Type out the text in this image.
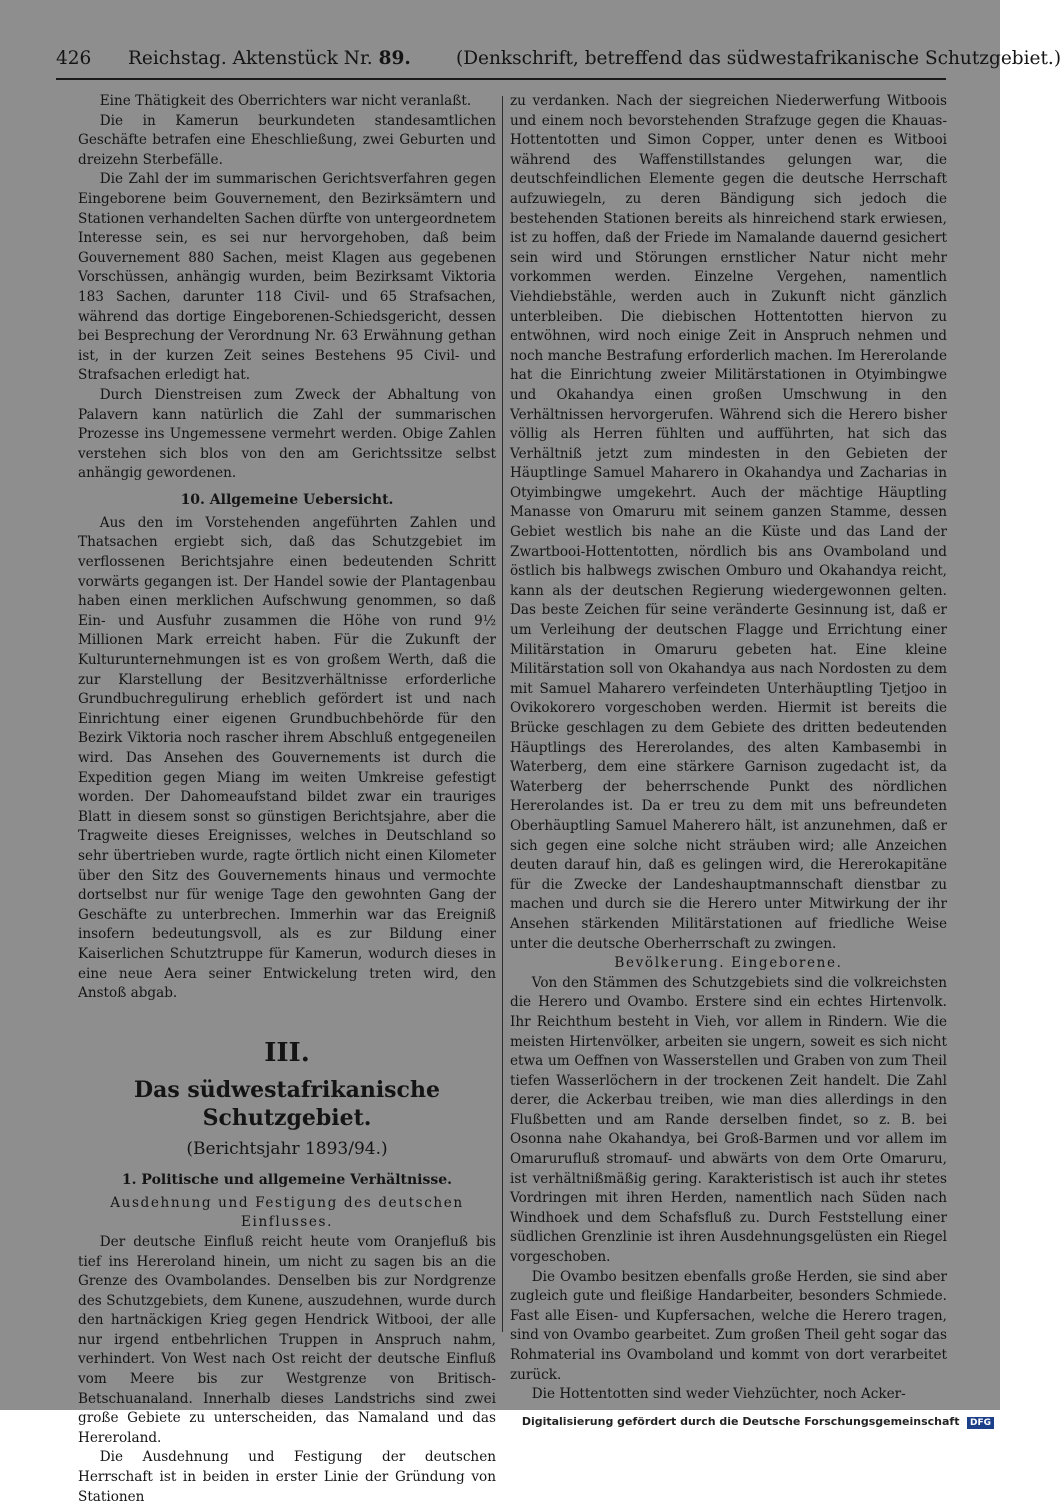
426 Reichstag. Aktenstück Nr. 89. (Denkschrift, betreffend das südwestafrikanische Schutzgebiet.)

Eine Thätigkeit des Oberrichters war nicht veranlaßt.

Die in Kamerun beurkundeten standesamtlichen Geschäfte betrafen eine Eheschließung, zwei Geburten und dreizehn Sterbefälle.

Die Zahl der im summarischen Gerichtsverfahren gegen Eingeborene beim Gouvernement, den Bezirksämtern und Stationen verhandelten Sachen dürfte von untergeordnetem Interesse sein, es sei nur hervorgehoben, daß beim Gouvernement 880 Sachen, meist Klagen aus gegebenen Vorschüssen, anhängig wurden, beim Bezirksamt Viktoria 183 Sachen, darunter 118 Civil- und 65 Strafsachen, während das dortige Eingeborenen-Schiedsgericht, dessen bei Besprechung der Verordnung Nr. 63 Erwähnung gethan ist, in der kurzen Zeit seines Bestehens 95 Civil- und Strafsachen erledigt hat.

Durch Dienstreisen zum Zweck der Abhaltung von Palavern kann natürlich die Zahl der summarischen Prozesse ins Ungemessene vermehrt werden. Obige Zahlen verstehen sich blos von den am Gerichtssitze selbst anhängig gewordenen.

10. Allgemeine Uebersicht.

Aus den im Vorstehenden angeführten Zahlen und Thatsachen ergiebt sich, daß das Schutzgebiet im verflossenen Berichtsjahre einen bedeutenden Schritt vorwärts gegangen ist. Der Handel sowie der Plantagenbau haben einen merklichen Aufschwung genommen, so daß Ein- und Ausfuhr zusammen die Höhe von rund 9½ Millionen Mark erreicht haben. Für die Zukunft der Kulturunternehmungen ist es von großem Werth, daß die zur Klarstellung der Besitzverhältnisse erforderliche Grundbuchregulirung erheblich gefördert ist und nach Einrichtung einer eigenen Grundbuchbehörde für den Bezirk Viktoria noch rascher ihrem Abschluß entgegeneilen wird. Das Ansehen des Gouvernements ist durch die Expedition gegen Miang im weiten Umkreise gefestigt worden. Der Dahomeaufstand bildet zwar ein trauriges Blatt in diesem sonst so günstigen Berichtsjahre, aber die Tragweite dieses Ereignisses, welches in Deutschland so sehr übertrieben wurde, ragte örtlich nicht einen Kilometer über den Sitz des Gouvernements hinaus und vermochte dortselbst nur für wenige Tage den gewohnten Gang der Geschäfte zu unterbrechen. Immerhin war das Ereigniß insofern bedeutungsvoll, als es zur Bildung einer Kaiserlichen Schutztruppe für Kamerun, wodurch dieses in eine neue Aera seiner Entwickelung treten wird, den Anstoß abgab.

III.
Das südwestafrikanische Schutzgebiet.
(Berichtsjahr 1893/94.)
1. Politische und allgemeine Verhältnisse.

Ausdehnung und Festigung des deutschen Einflusses.

Der deutsche Einfluß reicht heute vom Oranjefluß bis tief ins Hereroland hinein, um nicht zu sagen bis an die Grenze des Ovambolandes. Denselben bis zur Nordgrenze des Schutzgebiets, dem Kunene, auszudehnen, wurde durch den hartnäckigen Krieg gegen Hendrick Witbooi, der alle nur irgend entbehrlichen Truppen in Anspruch nahm, verhindert. Von West nach Ost reicht der deutsche Einfluß vom Meere bis zur Westgrenze von Britisch-Betschuanaland. Innerhalb dieses Landstrichs sind zwei große Gebiete zu unterscheiden, das Namaland und das Hereroland.

Die Ausdehnung und Festigung der deutschen Herrschaft ist in beiden in erster Linie der Gründung von Stationen

zu verdanken. Nach der siegreichen Niederwerfung Witboois und einem noch bevorstehenden Strafzuge gegen die Khauas-Hottentotten und Simon Copper, unter denen es Witbooi während des Waffenstillstandes gelungen war, die deutschfeindlichen Elemente gegen die deutsche Herrschaft aufzuwiegeln, zu deren Bändigung sich jedoch die bestehenden Stationen bereits als hinreichend stark erwiesen, ist zu hoffen, daß der Friede im Namalande dauernd gesichert sein wird und Störungen ernstlicher Natur nicht mehr vorkommen werden. Einzelne Vergehen, namentlich Viehdiebstähle, werden auch in Zukunft nicht gänzlich unterbleiben. Die diebischen Hottentotten hiervon zu entwöhnen, wird noch einige Zeit in Anspruch nehmen und noch manche Bestrafung erforderlich machen. Im Hererolande hat die Einrichtung zweier Militärstationen in Otyimbingwe und Okahandya einen großen Umschwung in den Verhältnissen hervorgerufen. Während sich die Herero bisher völlig als Herren fühlten und aufführten, hat sich das Verhältniß jetzt zum mindesten in den Gebieten der Häuptlinge Samuel Maharero in Okahandya und Zacharias in Otyimbingwe umgekehrt. Auch der mächtige Häuptling Manasse von Omaruru mit seinem ganzen Stamme, dessen Gebiet westlich bis nahe an die Küste und das Land der Zwartbooi-Hottentotten, nördlich bis ans Ovamboland und östlich bis halbwegs zwischen Omburo und Okahandya reicht, kann als der deutschen Regierung wiedergewonnen gelten. Das beste Zeichen für seine veränderte Gesinnung ist, daß er um Verleihung der deutschen Flagge und Errichtung einer Militärstation in Omaruru gebeten hat. Eine kleine Militärstation soll von Okahandya aus nach Nordosten zu dem mit Samuel Maharero verfeindeten Unterhäuptling Tjetjoo in Ovikokorero vorgeschoben werden. Hiermit ist bereits die Brücke geschlagen zu dem Gebiete des dritten bedeutenden Häuptlings des Hererolandes, des alten Kambasembi in Waterberg, dem eine stärkere Garnison zugedacht ist, da Waterberg der beherrschende Punkt des nördlichen Hererolandes ist. Da er treu zu dem mit uns befreundeten Oberhäuptling Samuel Maherero hält, ist anzunehmen, daß er sich gegen eine solche nicht sträuben wird; alle Anzeichen deuten darauf hin, daß es gelingen wird, die Hererokapitäne für die Zwecke der Landeshauptmannschaft dienstbar zu machen und durch sie die Herero unter Mitwirkung der ihr Ansehen stärkenden Militärstationen auf friedliche Weise unter die deutsche Oberherrschaft zu zwingen.

Bevölkerung. Eingeborene.

Von den Stämmen des Schutzgebiets sind die volkreichsten die Herero und Ovambo. Erstere sind ein echtes Hirtenvolk. Ihr Reichthum besteht in Vieh, vor allem in Rindern. Wie die meisten Hirtenvölker, arbeiten sie ungern, soweit es sich nicht etwa um Oeffnen von Wasserstellen und Graben von zum Theil tiefen Wasserlöchern in der trockenen Zeit handelt. Die Zahl derer, die Ackerbau treiben, wie man dies allerdings in den Flußbetten und am Rande derselben findet, so z. B. bei Osonna nahe Okahandya, bei Groß-Barmen und vor allem im Omarurufluß stromauf- und abwärts von dem Orte Omaruru, ist verhältnißmäßig gering. Karakteristisch ist auch ihr stetes Vordringen mit ihren Herden, namentlich nach Süden nach Windhoek und dem Schafsfluß zu. Durch Feststellung einer südlichen Grenzlinie ist ihren Ausdehnungsgelüsten ein Riegel vorgeschoben.

Die Ovambo besitzen ebenfalls große Herden, sie sind aber zugleich gute und fleißige Handarbeiter, besonders Schmiede. Fast alle Eisen- und Kupfersachen, welche die Herero tragen, sind von Ovambo gearbeitet. Zum großen Theil geht sogar das Rohmaterial ins Ovamboland und kommt von dort verarbeitet zurück.

Die Hottentotten sind weder Viehzüchter, noch Acker-

Digitalisierung gefördert durch die Deutsche Forschungsgemeinschaft DFG
